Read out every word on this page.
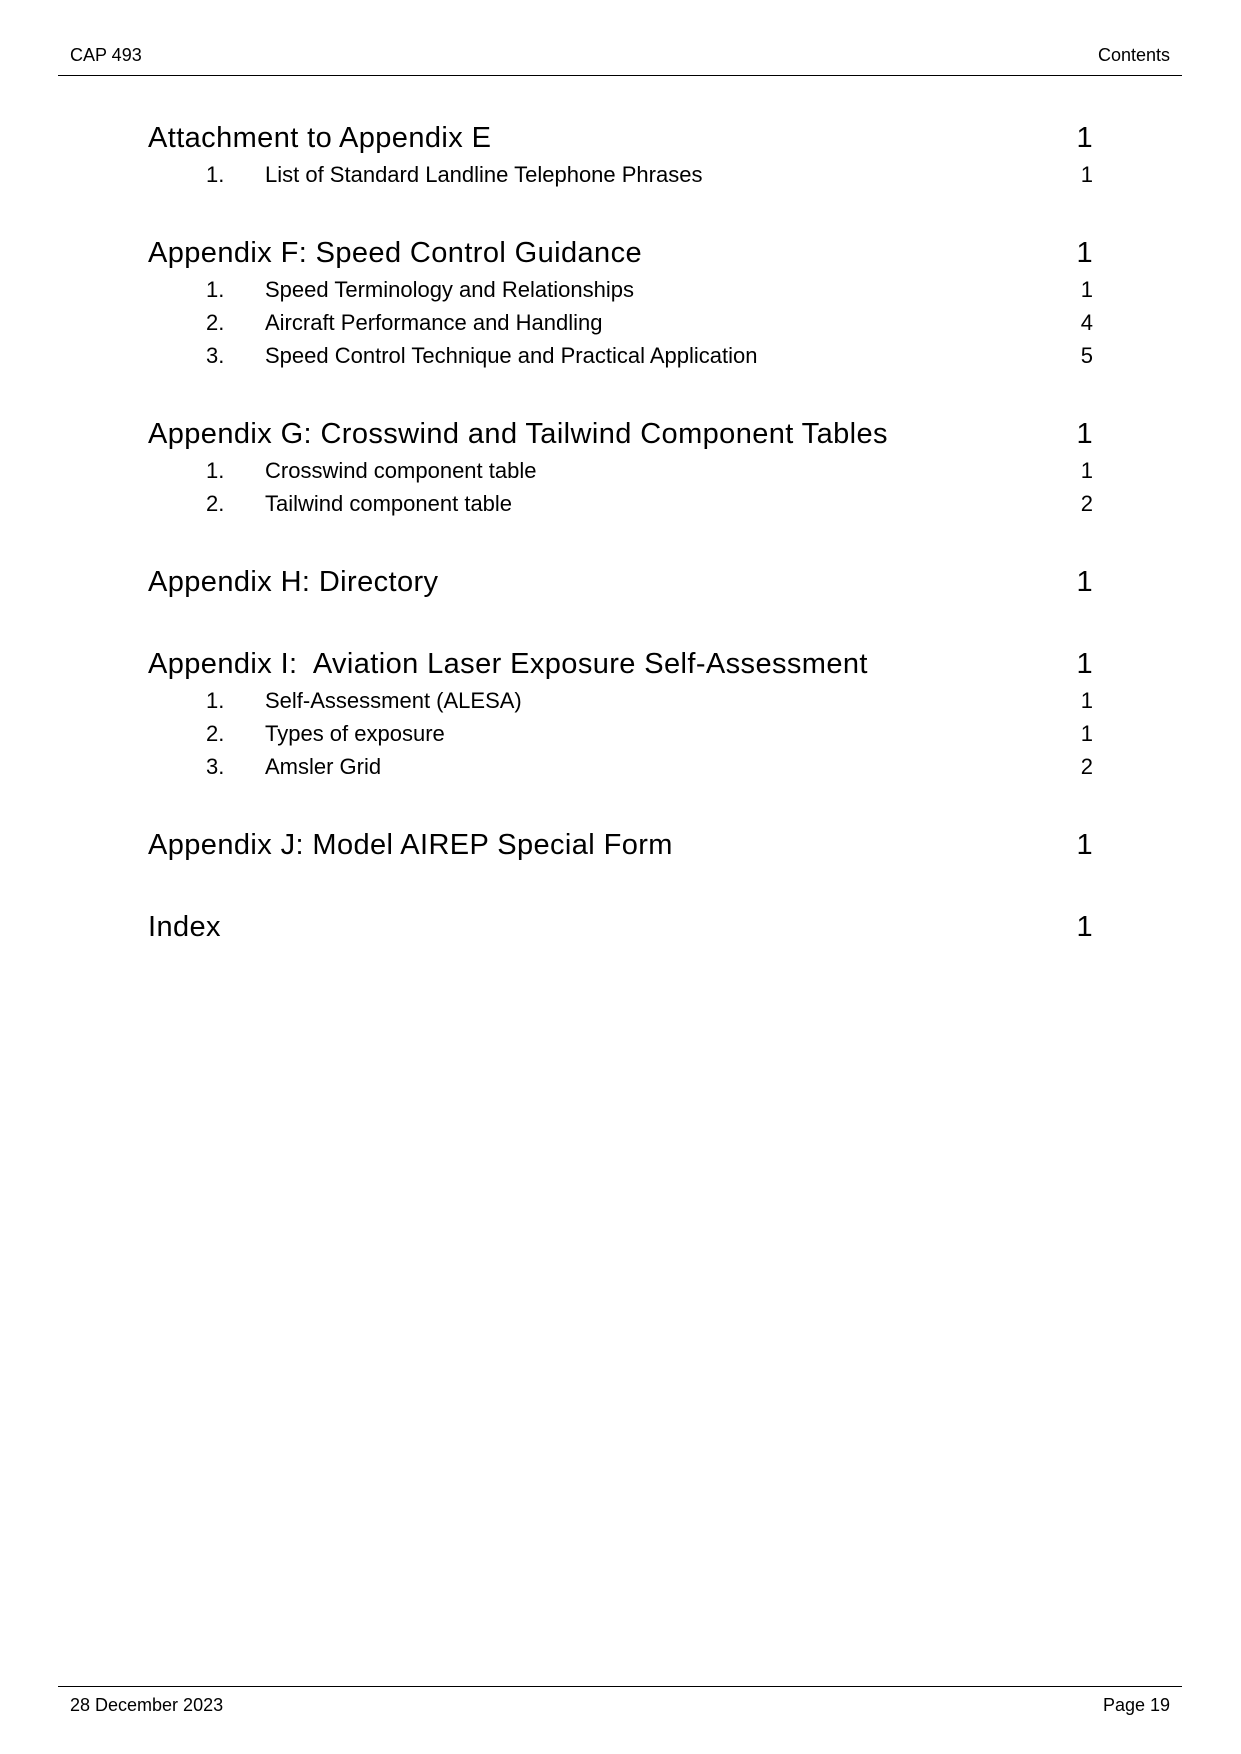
CAP 493	Contents
Attachment to Appendix E	1
1. List of Standard Landline Telephone Phrases	1
Appendix F: Speed Control Guidance	1
1. Speed Terminology and Relationships	1
2. Aircraft Performance and Handling	4
3. Speed Control Technique and Practical Application	5
Appendix G: Crosswind and Tailwind Component Tables	1
1. Crosswind component table	1
2. Tailwind component table	2
Appendix H: Directory	1
Appendix I:  Aviation Laser Exposure Self-Assessment	1
1. Self-Assessment (ALESA)	1
2. Types of exposure	1
3. Amsler Grid	2
Appendix J: Model AIREP Special Form	1
Index	1
28 December 2023	Page 19
